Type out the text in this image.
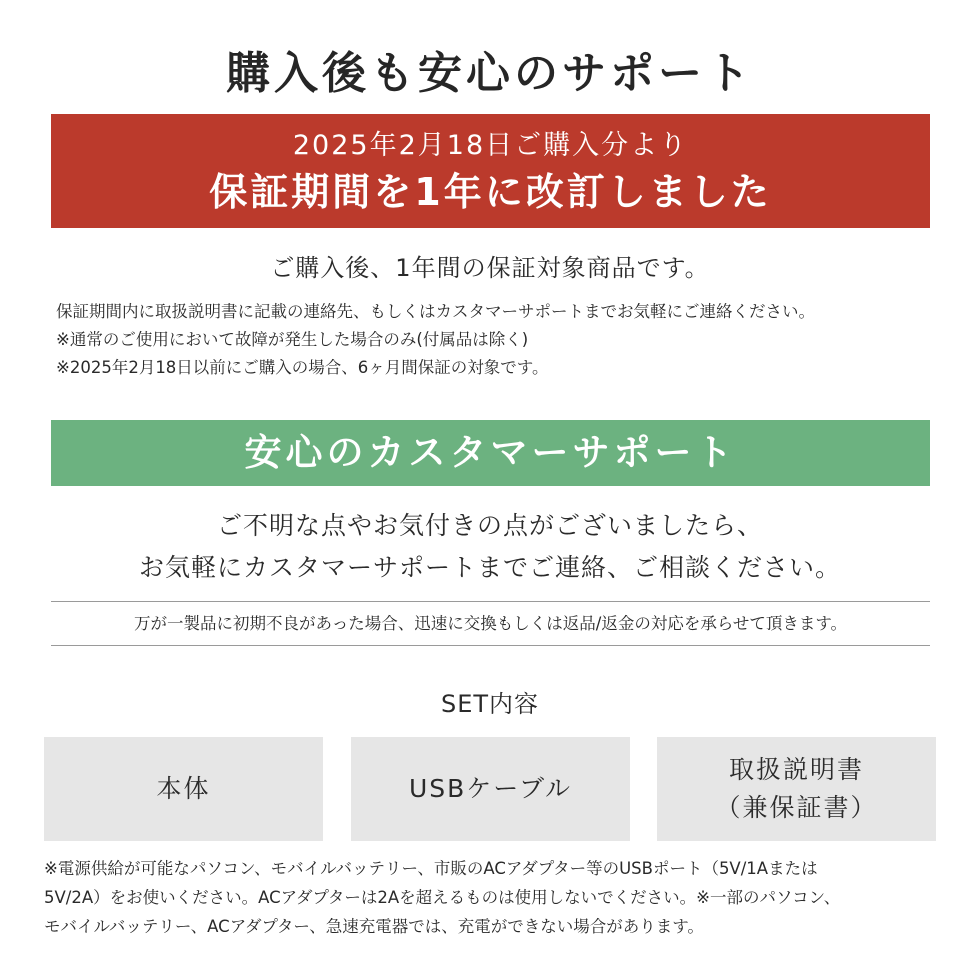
購入後も安心のサポート
2025年2月18日ご購入分より
保証期間を1年に改訂しました
ご購入後、1年間の保証対象商品です。
保証期間内に取扱説明書に記載の連絡先、もしくはカスタマーサポートまでお気軽にご連絡ください。
※通常のご使用において故障が発生した場合のみ(付属品は除く)
※2025年2月18日以前にご購入の場合、6ヶ月間保証の対象です。
安心のカスタマーサポート
ご不明な点やお気付きの点がございましたら、
お気軽にカスタマーサポートまでご連絡、ご相談ください。
万が一製品に初期不良があった場合、迅速に交換もしくは返品/返金の対応を承らせて頂きます。
SET内容
本体	USBケーブル
取扱説明書
（兼保証書）
※電源供給が可能なパソコン、モバイルバッテリー、市販のACアダプター等のUSBポート（5V/1Aまたは
5V/2A）をお使いください。ACアダプターは2Aを超えるものは使用しないでください。※一部のパソコン、
モバイルバッテリー、ACアダプター、急速充電器では、充電ができない場合があります。
